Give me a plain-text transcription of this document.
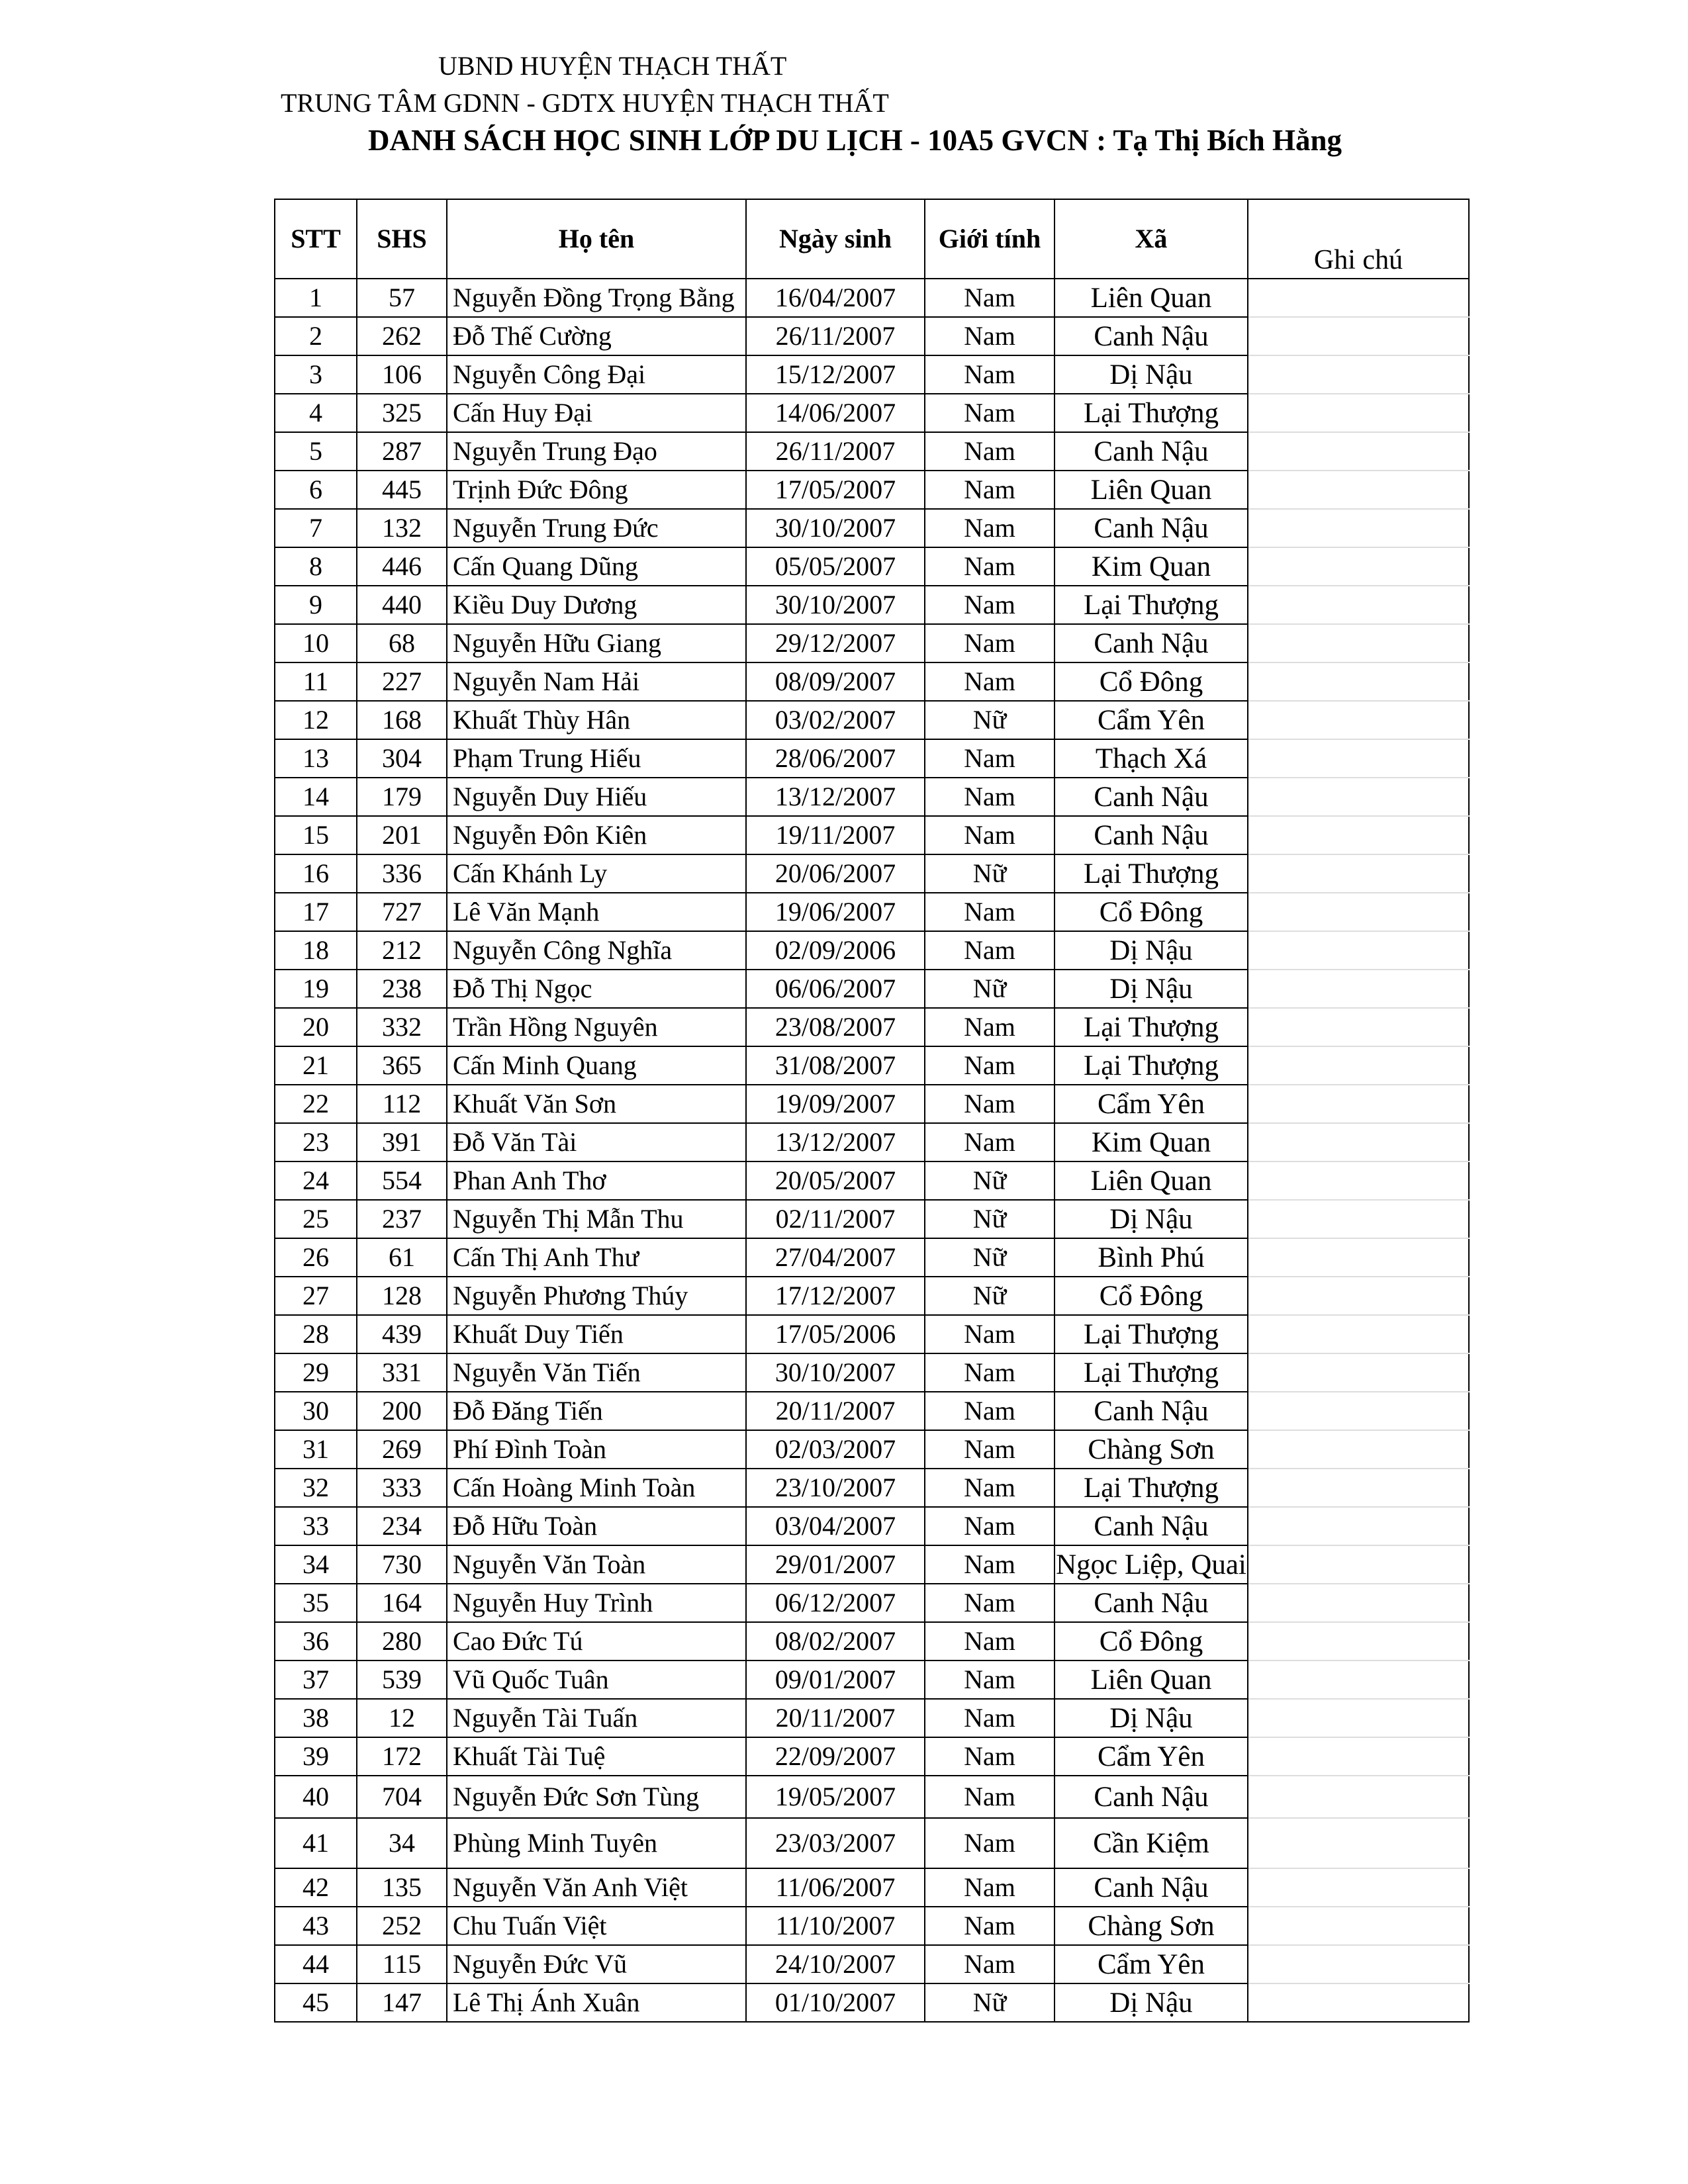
UBND HUYỆN THẠCH THẤT
TRUNG TÂM GDNN - GDTX HUYỆN THẠCH THẤT
DANH SÁCH HỌC SINH LỚP DU LỊCH - 10A5 GVCN : Tạ Thị Bích Hằng
STT	SHS	Họ tên	Ngày sinh	Giới tính	Xã	Ghi chú
1	57	Nguyễn Đồng Trọng Bằng	16/04/2007	Nam	Liên Quan	
2	262	Đỗ Thế Cường	26/11/2007	Nam	Canh Nậu	
3	106	Nguyễn Công Đại	15/12/2007	Nam	Dị Nậu	
4	325	Cấn Huy Đại	14/06/2007	Nam	Lại Thượng	
5	287	Nguyễn Trung Đạo	26/11/2007	Nam	Canh Nậu	
6	445	Trịnh Đức Đông	17/05/2007	Nam	Liên Quan	
7	132	Nguyễn Trung Đức	30/10/2007	Nam	Canh Nậu	
8	446	Cấn Quang Dũng	05/05/2007	Nam	Kim Quan	
9	440	Kiều Duy Dương	30/10/2007	Nam	Lại Thượng	
10	68	Nguyễn Hữu Giang	29/12/2007	Nam	Canh Nậu	
11	227	Nguyễn Nam Hải	08/09/2007	Nam	Cổ Đông	
12	168	Khuất Thùy Hân	03/02/2007	Nữ	Cẩm Yên	
13	304	Phạm Trung Hiếu	28/06/2007	Nam	Thạch Xá	
14	179	Nguyễn Duy Hiếu	13/12/2007	Nam	Canh Nậu	
15	201	Nguyễn Đôn Kiên	19/11/2007	Nam	Canh Nậu	
16	336	Cấn Khánh Ly	20/06/2007	Nữ	Lại Thượng	
17	727	Lê Văn Mạnh	19/06/2007	Nam	Cổ Đông	
18	212	Nguyễn Công Nghĩa	02/09/2006	Nam	Dị Nậu	
19	238	Đỗ Thị Ngọc	06/06/2007	Nữ	Dị Nậu	
20	332	Trần Hồng Nguyên	23/08/2007	Nam	Lại Thượng	
21	365	Cấn Minh Quang	31/08/2007	Nam	Lại Thượng	
22	112	Khuất Văn Sơn	19/09/2007	Nam	Cẩm Yên	
23	391	Đỗ Văn Tài	13/12/2007	Nam	Kim Quan	
24	554	Phan Anh Thơ	20/05/2007	Nữ	Liên Quan	
25	237	Nguyễn Thị Mẫn Thu	02/11/2007	Nữ	Dị Nậu	
26	61	Cấn Thị Anh Thư	27/04/2007	Nữ	Bình Phú	
27	128	Nguyễn Phương Thúy	17/12/2007	Nữ	Cổ Đông	
28	439	Khuất Duy Tiến	17/05/2006	Nam	Lại Thượng	
29	331	Nguyễn Văn Tiến	30/10/2007	Nam	Lại Thượng	
30	200	Đỗ Đăng Tiến	20/11/2007	Nam	Canh Nậu	
31	269	Phí Đình Toàn	02/03/2007	Nam	Chàng Sơn	
32	333	Cấn Hoàng Minh Toàn	23/10/2007	Nam	Lại Thượng	
33	234	Đỗ Hữu Toàn	03/04/2007	Nam	Canh Nậu	
34	730	Nguyễn Văn Toàn	29/01/2007	Nam	Ngọc Liệp, Quai	
35	164	Nguyễn Huy Trình	06/12/2007	Nam	Canh Nậu	
36	280	Cao Đức Tú	08/02/2007	Nam	Cổ Đông	
37	539	Vũ Quốc Tuân	09/01/2007	Nam	Liên Quan	
38	12	Nguyễn Tài Tuấn	20/11/2007	Nam	Dị Nậu	
39	172	Khuất Tài Tuệ	22/09/2007	Nam	Cẩm Yên	
40	704	Nguyễn Đức Sơn Tùng	19/05/2007	Nam	Canh Nậu	
41	34	Phùng Minh Tuyên	23/03/2007	Nam	Cần Kiệm	
42	135	Nguyễn Văn Anh Việt	11/06/2007	Nam	Canh Nậu	
43	252	Chu Tuấn Việt	11/10/2007	Nam	Chàng Sơn	
44	115	Nguyễn Đức Vũ	24/10/2007	Nam	Cẩm Yên	
45	147	Lê Thị Ánh Xuân	01/10/2007	Nữ	Dị Nậu	
